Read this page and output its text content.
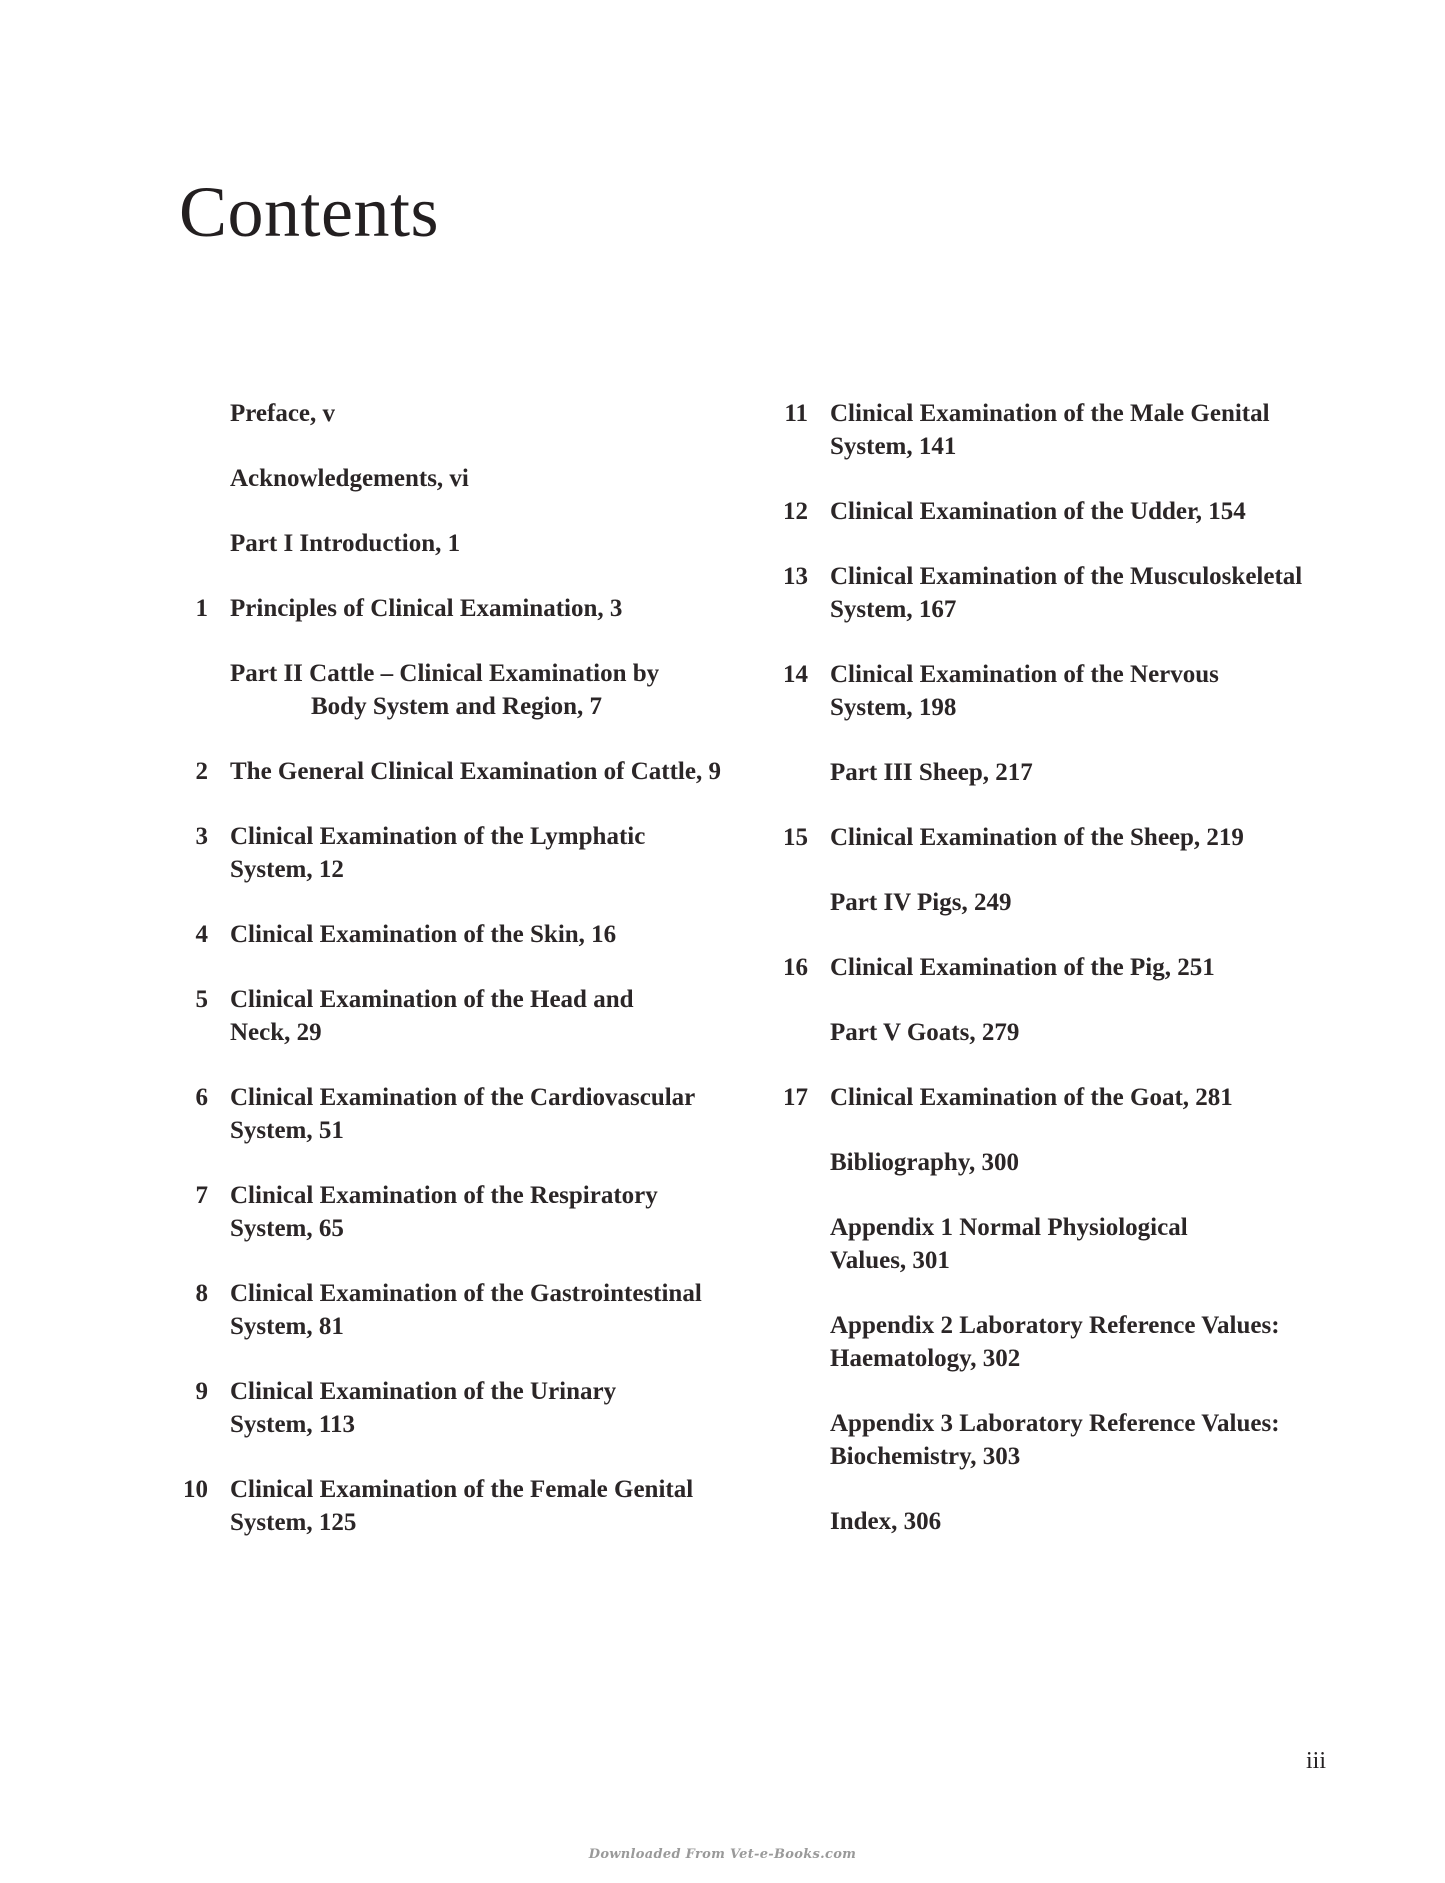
Contents
Preface, v
Acknowledgements, vi
Part I Introduction, 1
1 Principles of Clinical Examination, 3
Part II Cattle – Clinical Examination by
Body System and Region, 7
2 The General Clinical Examination of Cattle, 9
3 Clinical Examination of the Lymphatic
System, 12
4 Clinical Examination of the Skin, 16
5 Clinical Examination of the Head and
Neck, 29
6 Clinical Examination of the Cardiovascular
System, 51
7 Clinical Examination of the Respiratory
System, 65
8 Clinical Examination of the Gastrointestinal
System, 81
9 Clinical Examination of the Urinary
System, 113
10 Clinical Examination of the Female Genital
System, 125
11 Clinical Examination of the Male Genital
System, 141
12 Clinical Examination of the Udder, 154
13 Clinical Examination of the Musculoskeletal
System, 167
14 Clinical Examination of the Nervous
System, 198
Part III Sheep, 217
15 Clinical Examination of the Sheep, 219
Part IV Pigs, 249
16 Clinical Examination of the Pig, 251
Part V Goats, 279
17 Clinical Examination of the Goat, 281
Bibliography, 300
Appendix 1 Normal Physiological
Values, 301
Appendix 2 Laboratory Reference Values:
Haematology, 302
Appendix 3 Laboratory Reference Values:
Biochemistry, 303
Index, 306
iii
Downloaded From Vet-e-Books.com
